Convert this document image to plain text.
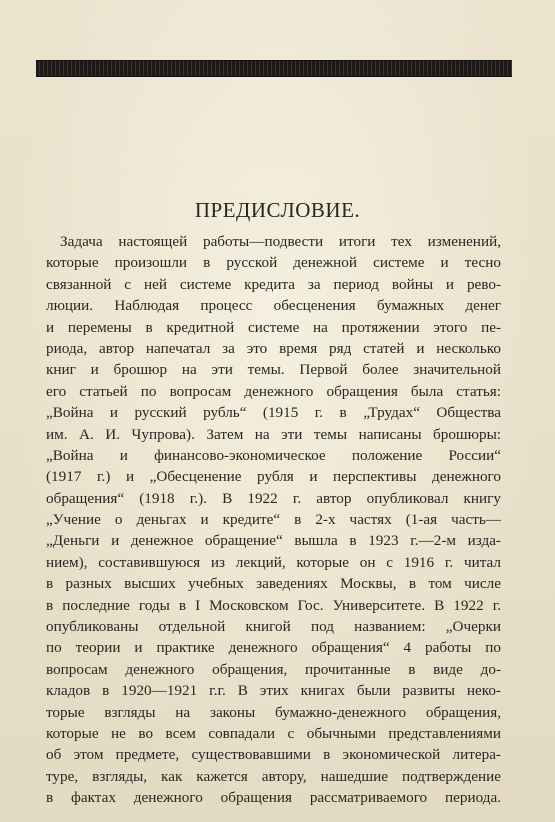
ПРЕДИСЛОВИЕ.
Задача настоящей работы—подвести итоги тех изменений,
которые произошли в русской денежной системе и тесно
связанной с ней системе кредита за период войны и рево-
люции. Наблюдая процесс обесценения бумажных денег
и перемены в кредитной системе на протяжении этого пе-
риода, автор напечатал за это время ряд статей и несколько
книг и брошюр на эти темы. Первой более значительной
его статьей по вопросам денежного обращения была статья:
„Война и русский рубль“ (1915 г. в „Трудах“ Общества
им. А. И. Чупрова). Затем на эти темы написаны брошюры:
„Война и финансово-экономическое положение России“
(1917 г.) и „Обесценение рубля и перспективы денежного
обращения“ (1918 г.). В 1922 г. автор опубликовал книгу
„Учение о деньгах и кредите“ в 2-х частях (1-ая часть—
„Деньги и денежное обращение“ вышла в 1923 г.—2-м изда-
нием), составившуюся из лекций, которые он с 1916 г. читал
в разных высших учебных заведениях Москвы, в том числе
в последние годы в I Московском Гос. Университете. В 1922 г.
опубликованы отдельной книгой под названием: „Очерки
по теории и практике денежного обращения“ 4 работы по
вопросам денежного обращения, прочитанные в виде до-
кладов в 1920—1921 г.г. В этих книгах были развиты неко-
торые взгляды на законы бумажно-денежного обращения,
которые не во всем совпадали с обычными представлениями
об этом предмете, существовавшими в экономической литера-
туре, взгляды, как кажется автору, нашедшие подтверждение
в фактах денежного обращения рассматриваемого периода.
